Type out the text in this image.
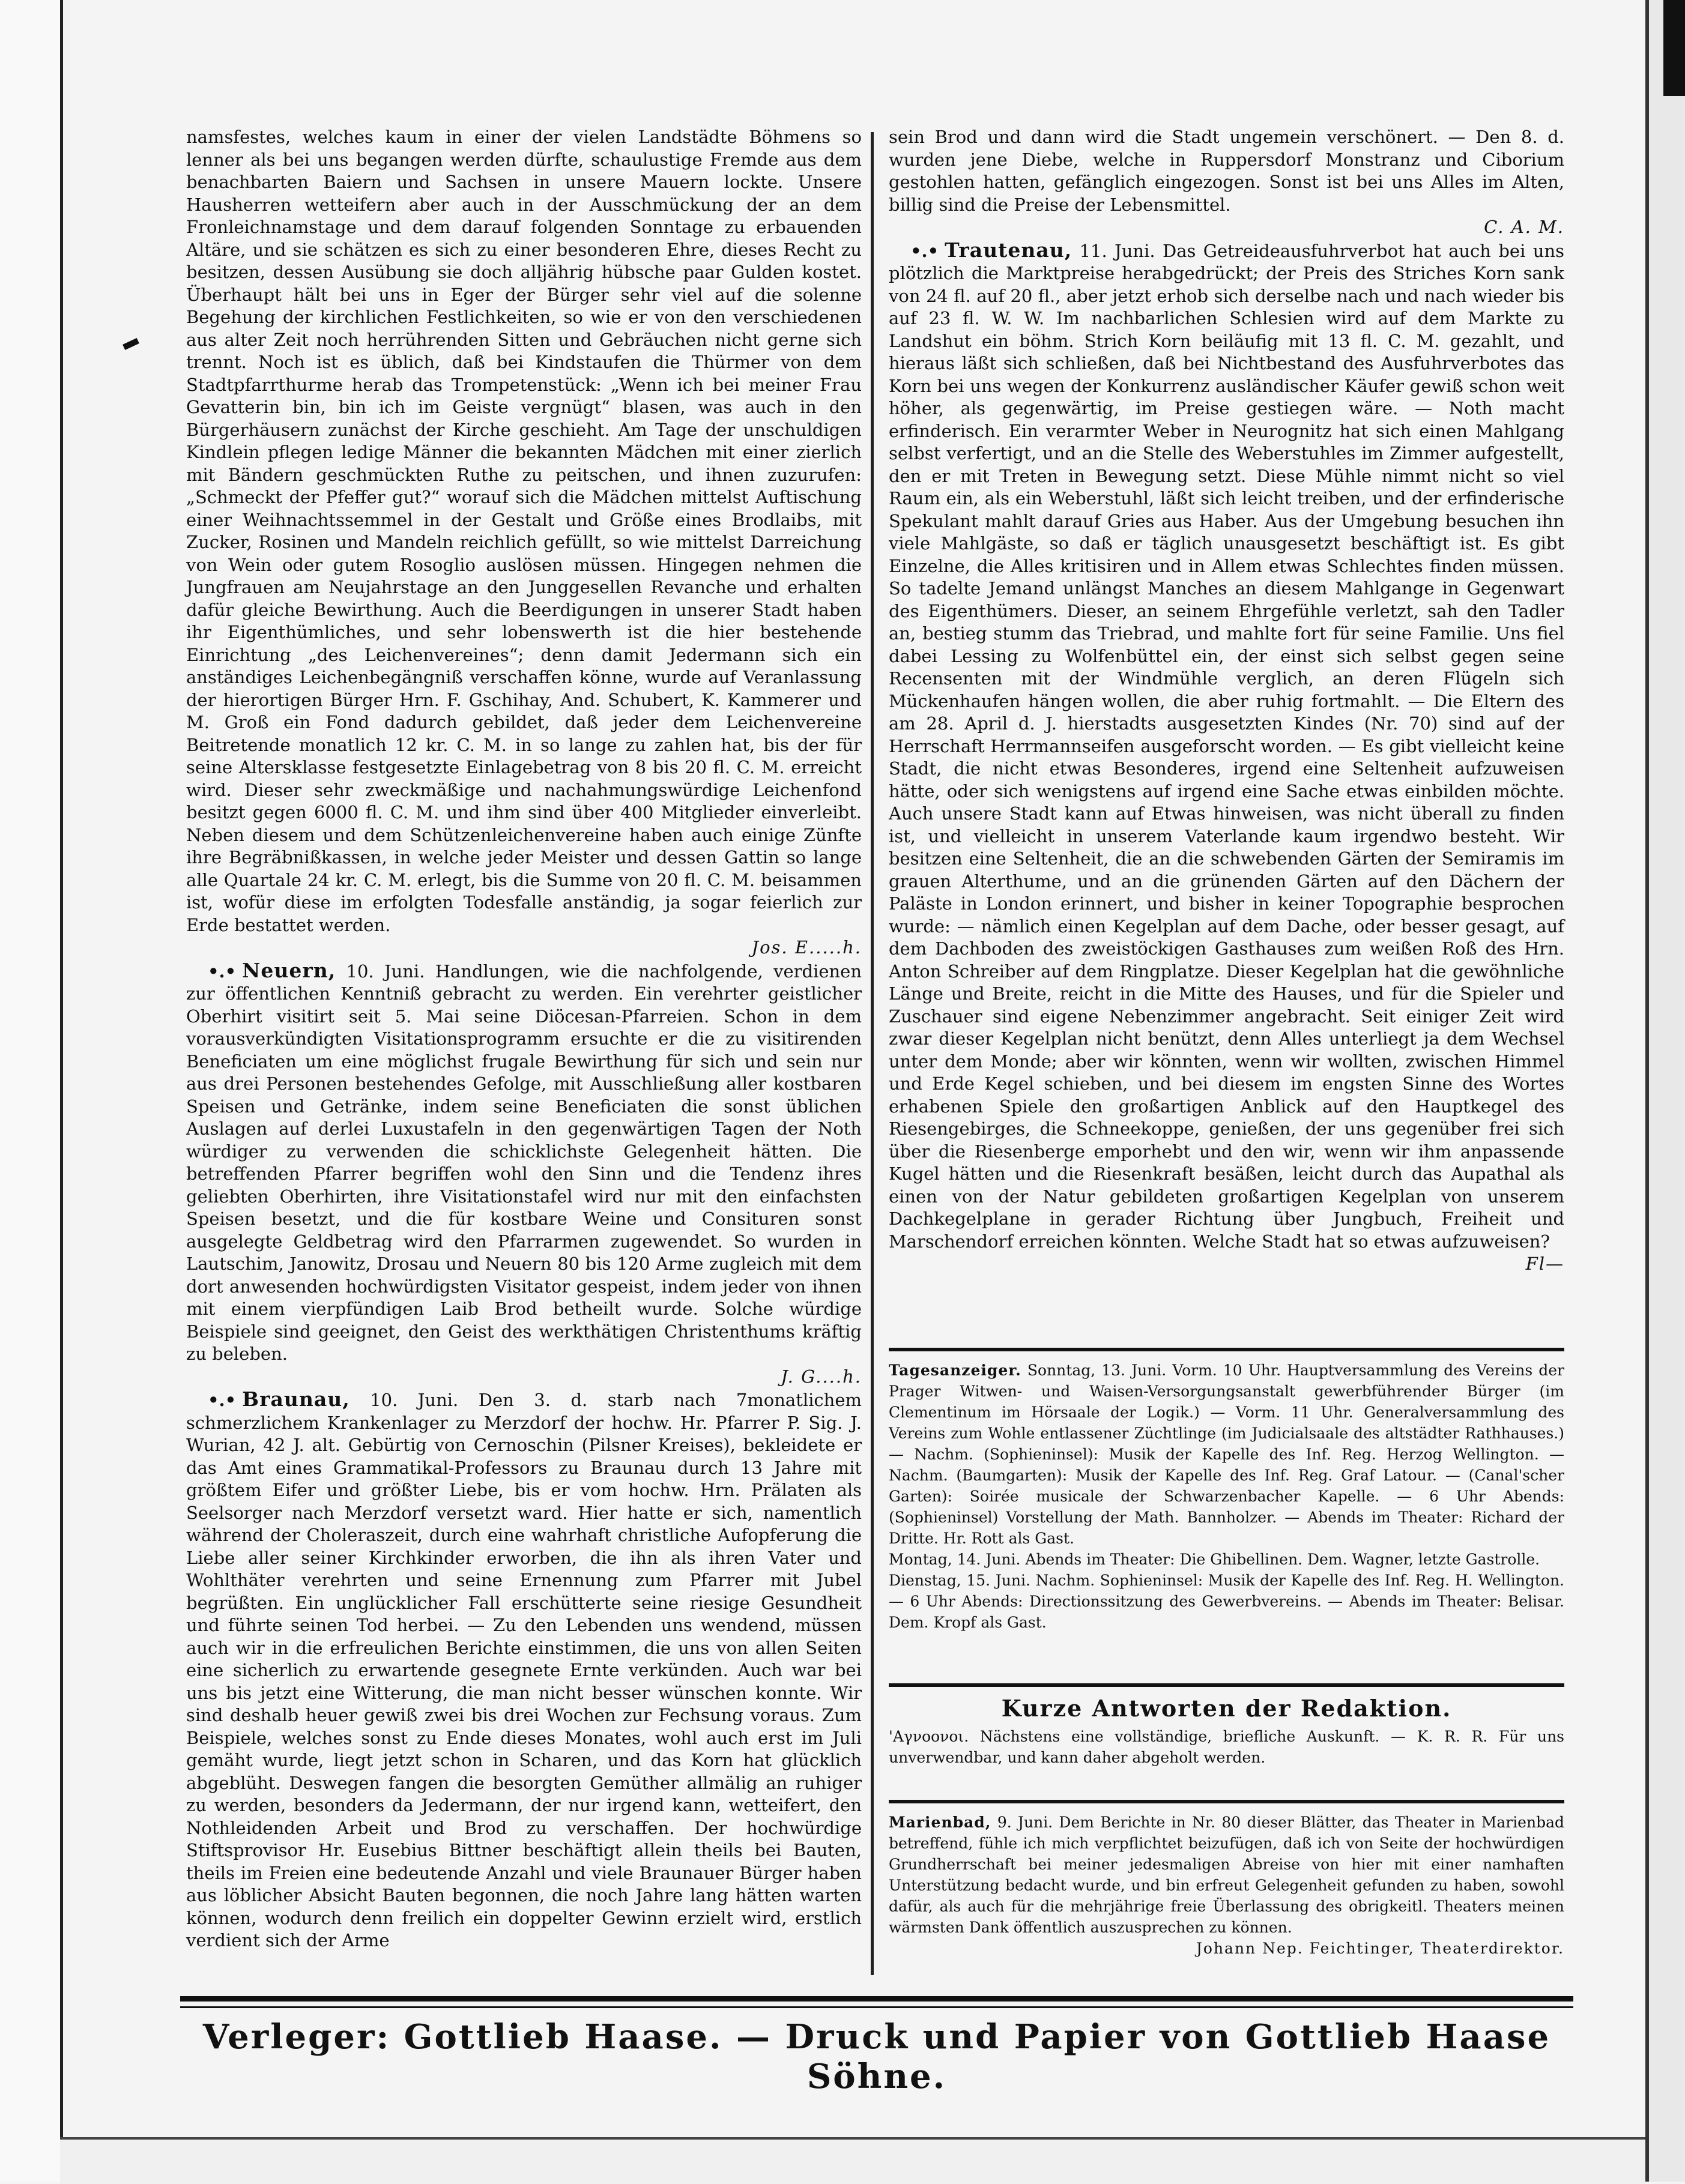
namsfestes, welches kaum in einer der vielen Landstädte Böhmens so lenner als bei uns begangen werden dürfte, schaulustige Fremde aus dem benachbarten Baiern und Sachsen in unsere Mauern lockte. Unsere Hausherren wetteifern aber auch in der Ausschmückung der an dem Fronleichnamstage und dem darauf folgenden Sonntage zu erbauenden Altäre, und sie schätzen es sich zu einer besonderen Ehre, dieses Recht zu besitzen, dessen Ausübung sie doch alljährig hübsche paar Gulden kostet. Überhaupt hält bei uns in Eger der Bürger sehr viel auf die solenne Begehung der kirchlichen Festlichkeiten, so wie er von den verschiedenen aus alter Zeit noch herrührenden Sitten und Gebräuchen nicht gerne sich trennt. Noch ist es üblich, daß bei Kindstaufen die Thürmer von dem Stadtpfarrthurme herab das Trompetenstück: „Wenn ich bei meiner Frau Gevatterin bin, bin ich im Geiste vergnügt“ blasen, was auch in den Bürgerhäusern zunächst der Kirche geschieht. Am Tage der unschuldigen Kindlein pflegen ledige Männer die bekannten Mädchen mit einer zierlich mit Bändern geschmückten Ruthe zu peitschen, und ihnen zuzurufen: „Schmeckt der Pfeffer gut?“ worauf sich die Mädchen mittelst Auftischung einer Weihnachtssemmel in der Gestalt und Größe eines Brodlaibs, mit Zucker, Rosinen und Mandeln reichlich gefüllt, so wie mittelst Darreichung von Wein oder gutem Rosoglio auslösen müssen. Hingegen nehmen die Jungfrauen am Neujahrstage an den Junggesellen Revanche und erhalten dafür gleiche Bewirthung. Auch die Beerdigungen in unserer Stadt haben ihr Eigenthümliches, und sehr lobenswerth ist die hier bestehende Einrichtung „des Leichenvereines“; denn damit Jedermann sich ein anständiges Leichenbegängniß verschaffen könne, wurde auf Veranlassung der hierortigen Bürger Hrn. F. Gschihay, And. Schubert, K. Kammerer und M. Groß ein Fond dadurch gebildet, daß jeder dem Leichenvereine Beitretende monatlich 12 kr. C. M. in so lange zu zahlen hat, bis der für seine Altersklasse festgesetzte Einlagebetrag von 8 bis 20 fl. C. M. erreicht wird. Dieser sehr zweckmäßige und nachahmungswürdige Leichenfond besitzt gegen 6000 fl. C. M. und ihm sind über 400 Mitglieder einverleibt. Neben diesem und dem Schützenleichenvereine haben auch einige Zünfte ihre Begräbnißkassen, in welche jeder Meister und dessen Gattin so lange alle Quartale 24 kr. C. M. erlegt, bis die Summe von 20 fl. C. M. beisammen ist, wofür diese im erfolgten Todesfalle anständig, ja sogar feierlich zur Erde bestattet werden.

Jos. E.....h.

•.• Neuern, 10. Juni. Handlungen, wie die nachfolgende, verdienen zur öffentlichen Kenntniß gebracht zu werden. Ein verehrter geistlicher Oberhirt visitirt seit 5. Mai seine Diöcesan-Pfarreien. Schon in dem vorausverkündigten Visitationsprogramm ersuchte er die zu visitirenden Beneficiaten um eine möglichst frugale Bewirthung für sich und sein nur aus drei Personen bestehendes Gefolge, mit Ausschließung aller kostbaren Speisen und Getränke, indem seine Beneficiaten die sonst üblichen Auslagen auf derlei Luxustafeln in den gegenwärtigen Tagen der Noth würdiger zu verwenden die schicklichste Gelegenheit hätten. Die betreffenden Pfarrer begriffen wohl den Sinn und die Tendenz ihres geliebten Oberhirten, ihre Visitationstafel wird nur mit den einfachsten Speisen besetzt, und die für kostbare Weine und Consituren sonst ausgelegte Geldbetrag wird den Pfarrarmen zugewendet. So wurden in Lautschim, Janowitz, Drosau und Neuern 80 bis 120 Arme zugleich mit dem dort anwesenden hochwürdigsten Visitator gespeist, indem jeder von ihnen mit einem vierpfündigen Laib Brod betheilt wurde. Solche würdige Beispiele sind geeignet, den Geist des werkthätigen Christenthums kräftig zu beleben.

J. G....h.

•.• Braunau, 10. Juni. Den 3. d. starb nach 7monatlichem schmerzlichem Krankenlager zu Merzdorf der hochw. Hr. Pfarrer P. Sig. J. Wurian, 42 J. alt. Gebürtig von Cernoschin (Pilsner Kreises), bekleidete er das Amt eines Grammatikal-Professors zu Braunau durch 13 Jahre mit größtem Eifer und größter Liebe, bis er vom hochw. Hrn. Prälaten als Seelsorger nach Merzdorf versetzt ward. Hier hatte er sich, namentlich während der Choleraszeit, durch eine wahrhaft christliche Aufopferung die Liebe aller seiner Kirchkinder erworben, die ihn als ihren Vater und Wohlthäter verehrten und seine Ernennung zum Pfarrer mit Jubel begrüßten. Ein unglücklicher Fall erschütterte seine riesige Gesundheit und führte seinen Tod herbei. — Zu den Lebenden uns wendend, müssen auch wir in die erfreulichen Berichte einstimmen, die uns von allen Seiten eine sicherlich zu erwartende gesegnete Ernte verkünden. Auch war bei uns bis jetzt eine Witterung, die man nicht besser wünschen konnte. Wir sind deshalb heuer gewiß zwei bis drei Wochen zur Fechsung voraus. Zum Beispiele, welches sonst zu Ende dieses Monates, wohl auch erst im Juli gemäht wurde, liegt jetzt schon in Scharen, und das Korn hat glücklich abgeblüht. Deswegen fangen die besorgten Gemüther allmälig an ruhiger zu werden, besonders da Jedermann, der nur irgend kann, wetteifert, den Nothleidenden Arbeit und Brod zu verschaffen. Der hochwürdige Stiftsprovisor Hr. Eusebius Bittner beschäftigt allein theils bei Bauten, theils im Freien eine bedeutende Anzahl und viele Braunauer Bürger haben aus löblicher Absicht Bauten begonnen, die noch Jahre lang hätten warten können, wodurch denn freilich ein doppelter Gewinn erzielt wird, erstlich verdient sich der Arme

sein Brod und dann wird die Stadt ungemein verschönert. — Den 8. d. wurden jene Diebe, welche in Ruppersdorf Monstranz und Ciborium gestohlen hatten, gefänglich eingezogen. Sonst ist bei uns Alles im Alten, billig sind die Preise der Lebensmittel.

C. A. M.

•.• Trautenau, 11. Juni. Das Getreideausfuhrverbot hat auch bei uns plötzlich die Marktpreise herabgedrückt; der Preis des Striches Korn sank von 24 fl. auf 20 fl., aber jetzt erhob sich derselbe nach und nach wieder bis auf 23 fl. W. W. Im nachbarlichen Schlesien wird auf dem Markte zu Landshut ein böhm. Strich Korn beiläufig mit 13 fl. C. M. gezahlt, und hieraus läßt sich schließen, daß bei Nichtbestand des Ausfuhrverbotes das Korn bei uns wegen der Konkurrenz ausländischer Käufer gewiß schon weit höher, als gegenwärtig, im Preise gestiegen wäre. — Noth macht erfinderisch. Ein verarmter Weber in Neurognitz hat sich einen Mahlgang selbst verfertigt, und an die Stelle des Weberstuhles im Zimmer aufgestellt, den er mit Treten in Bewegung setzt. Diese Mühle nimmt nicht so viel Raum ein, als ein Weberstuhl, läßt sich leicht treiben, und der erfinderische Spekulant mahlt darauf Gries aus Haber. Aus der Umgebung besuchen ihn viele Mahlgäste, so daß er täglich unausgesetzt beschäftigt ist. Es gibt Einzelne, die Alles kritisiren und in Allem etwas Schlechtes finden müssen. So tadelte Jemand unlängst Manches an diesem Mahlgange in Gegenwart des Eigenthümers. Dieser, an seinem Ehrgefühle verletzt, sah den Tadler an, bestieg stumm das Triebrad, und mahlte fort für seine Familie. Uns fiel dabei Lessing zu Wolfenbüttel ein, der einst sich selbst gegen seine Recensenten mit der Windmühle verglich, an deren Flügeln sich Mückenhaufen hängen wollen, die aber ruhig fortmahlt. — Die Eltern des am 28. April d. J. hierstadts ausgesetzten Kindes (Nr. 70) sind auf der Herrschaft Herrmannseifen ausgeforscht worden. — Es gibt vielleicht keine Stadt, die nicht etwas Besonderes, irgend eine Seltenheit aufzuweisen hätte, oder sich wenigstens auf irgend eine Sache etwas einbilden möchte. Auch unsere Stadt kann auf Etwas hinweisen, was nicht überall zu finden ist, und vielleicht in unserem Vaterlande kaum irgendwo besteht. Wir besitzen eine Seltenheit, die an die schwebenden Gärten der Semiramis im grauen Alterthume, und an die grünenden Gärten auf den Dächern der Paläste in London erinnert, und bisher in keiner Topographie besprochen wurde: — nämlich einen Kegelplan auf dem Dache, oder besser gesagt, auf dem Dachboden des zweistöckigen Gasthauses zum weißen Roß des Hrn. Anton Schreiber auf dem Ringplatze. Dieser Kegelplan hat die gewöhnliche Länge und Breite, reicht in die Mitte des Hauses, und für die Spieler und Zuschauer sind eigene Nebenzimmer angebracht. Seit einiger Zeit wird zwar dieser Kegelplan nicht benützt, denn Alles unterliegt ja dem Wechsel unter dem Monde; aber wir könnten, wenn wir wollten, zwischen Himmel und Erde Kegel schieben, und bei diesem im engsten Sinne des Wortes erhabenen Spiele den großartigen Anblick auf den Hauptkegel des Riesengebirges, die Schneekoppe, genießen, der uns gegenüber frei sich über die Riesenberge emporhebt und den wir, wenn wir ihm anpassende Kugel hätten und die Riesenkraft besäßen, leicht durch das Aupathal als einen von der Natur gebildeten großartigen Kegelplan von unserem Dachkegelplane in gerader Richtung über Jungbuch, Freiheit und Marschendorf erreichen könnten. Welche Stadt hat so etwas aufzuweisen?

Fl—

Tagesanzeiger. Sonntag, 13. Juni. Vorm. 10 Uhr. Hauptversammlung des Vereins der Prager Witwen- und Waisen-Versorgungsanstalt gewerbführender Bürger (im Clementinum im Hörsaale der Logik.) — Vorm. 11 Uhr. Generalversammlung des Vereins zum Wohle entlassener Züchtlinge (im Judicialsaale des altstädter Rathhauses.) — Nachm. (Sophieninsel): Musik der Kapelle des Inf. Reg. Herzog Wellington. — Nachm. (Baumgarten): Musik der Kapelle des Inf. Reg. Graf Latour. — (Canal'scher Garten): Soirée musicale der Schwarzenbacher Kapelle. — 6 Uhr Abends: (Sophieninsel) Vorstellung der Math. Bannholzer. — Abends im Theater: Richard der Dritte. Hr. Rott als Gast.

Montag, 14. Juni. Abends im Theater: Die Ghibellinen. Dem. Wagner, letzte Gastrolle.

Dienstag, 15. Juni. Nachm. Sophieninsel: Musik der Kapelle des Inf. Reg. H. Wellington. — 6 Uhr Abends: Directionssitzung des Gewerbvereins. — Abends im Theater: Belisar. Dem. Kropf als Gast.

Kurze Antworten der Redaktion.

'Αγνοονοι. Nächstens eine vollständige, briefliche Auskunft. — K. R. R. Für uns unverwendbar, und kann daher abgeholt werden.

Marienbad, 9. Juni. Dem Berichte in Nr. 80 dieser Blätter, das Theater in Marienbad betreffend, fühle ich mich verpflichtet beizufügen, daß ich von Seite der hochwürdigen Grundherrschaft bei meiner jedesmaligen Abreise von hier mit einer namhaften Unterstützung bedacht wurde, und bin erfreut Gelegenheit gefunden zu haben, sowohl dafür, als auch für die mehrjährige freie Überlassung des obrigkeitl. Theaters meinen wärmsten Dank öffentlich auszusprechen zu können.

Johann Nep. Feichtinger, Theaterdirektor.

Verleger: Gottlieb Haase. — Druck und Papier von Gottlieb Haase Söhne.
